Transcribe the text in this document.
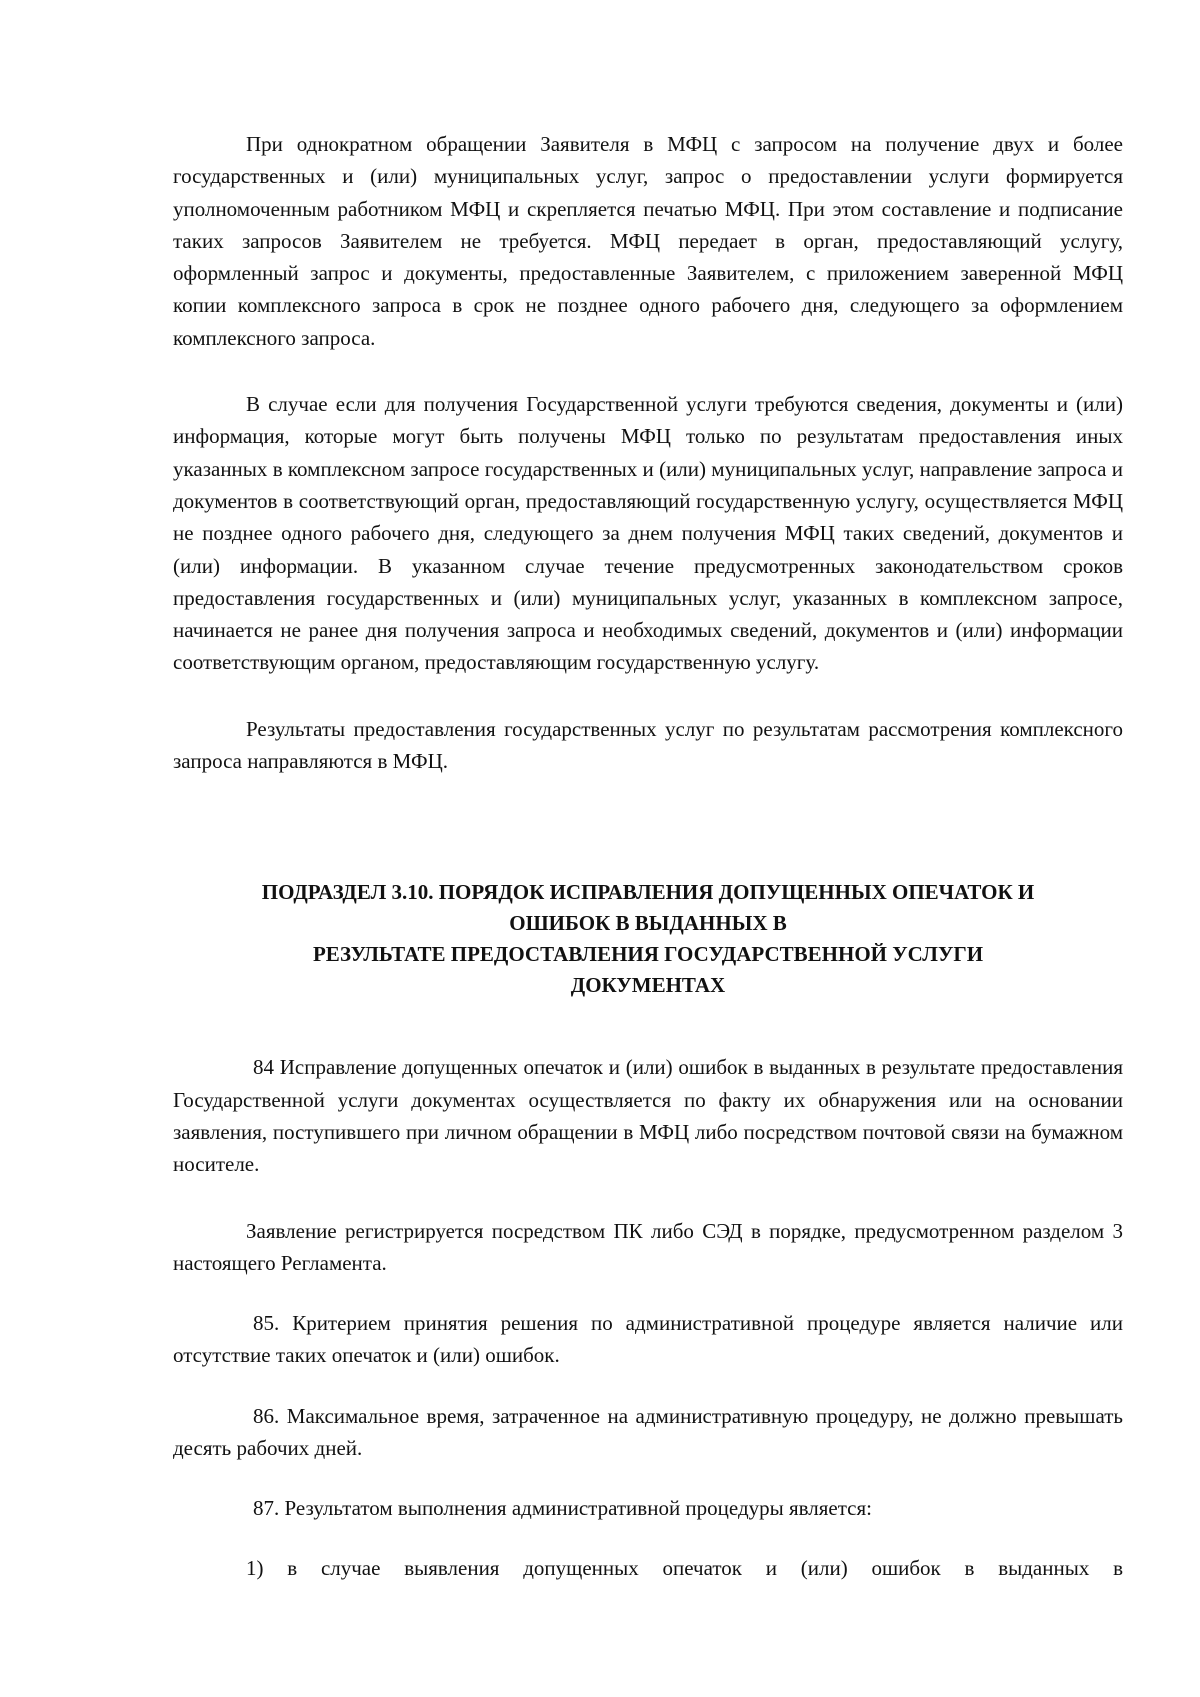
При однократном обращении Заявителя в МФЦ с запросом на получение двух и более государственных и (или) муниципальных услуг, запрос о предоставлении услуги формируется уполномоченным работником МФЦ и скрепляется печатью МФЦ. При этом составление и подписание таких запросов Заявителем не требуется. МФЦ передает в орган, предоставляющий услугу, оформленный запрос и документы, предоставленные Заявителем, с приложением заверенной МФЦ копии комплексного запроса в срок не позднее одного рабочего дня, следующего за оформлением комплексного запроса.

В случае если для получения Государственной услуги требуются сведения, документы и (или) информация, которые могут быть получены МФЦ только по результатам предоставления иных указанных в комплексном запросе государственных и (или) муниципальных услуг, направление запроса и документов в соответствующий орган, предоставляющий государственную услугу, осуществляется МФЦ не позднее одного рабочего дня, следующего за днем получения МФЦ таких сведений, документов и (или) информации. В указанном случае течение предусмотренных законодательством сроков предоставления государственных и (или) муниципальных услуг, указанных в комплексном запросе, начинается не ранее дня получения запроса и необходимых сведений, документов и (или) информации соответствующим органом, предоставляющим государственную услугу.

Результаты предоставления государственных услуг по результатам рассмотрения комплексного запроса направляются в МФЦ.

ПОДРАЗДЕЛ 3.10. ПОРЯДОК ИСПРАВЛЕНИЯ ДОПУЩЕННЫХ ОПЕЧАТОК И
ОШИБОК В ВЫДАННЫХ В
РЕЗУЛЬТАТЕ ПРЕДОСТАВЛЕНИЯ ГОСУДАРСТВЕННОЙ УСЛУГИ
ДОКУМЕНТАХ

84 Исправление допущенных опечаток и (или) ошибок в выданных в результате предоставления Государственной услуги документах осуществляется по факту их обнаружения или на основании заявления, поступившего при личном обращении в МФЦ либо посредством почтовой связи на бумажном носителе.

Заявление регистрируется посредством ПК либо СЭД в порядке, предусмотренном разделом 3 настоящего Регламента.

85. Критерием принятия решения по административной процедуре является наличие или отсутствие таких опечаток и (или) ошибок.

86. Максимальное время, затраченное на административную процедуру, не должно превышать десять рабочих дней.

87. Результатом выполнения административной процедуры является:

1) в случае выявления допущенных опечаток и (или) ошибок в выданных в
